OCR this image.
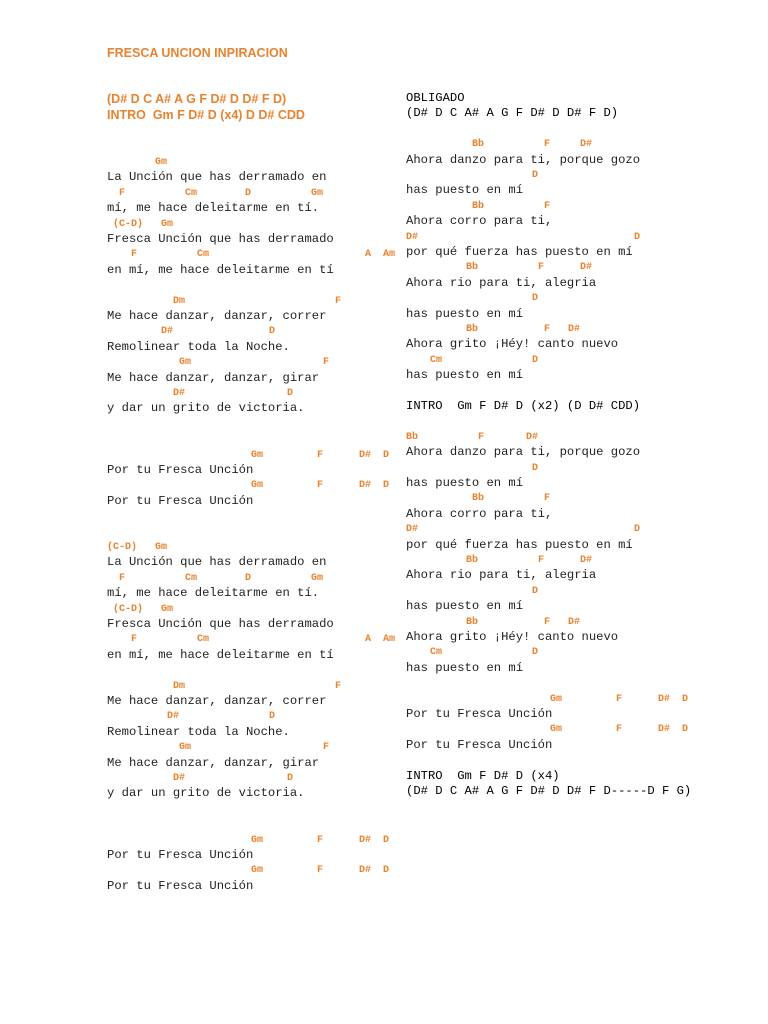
FRESCA UNCION INPIRACION
(D# D C A# A G F D# D D# F D)
INTRO  Gm F D# D (x4) D D# CDD
Gm
La Unción que has derramado en
F          Cm        D          Gm
mí, me hace deleitarme en tí.
(C-D)   Gm
Fresca Unción que has derramado
F          Cm                          A  Am
en mí, me hace deleitarme en tí
Dm                         F
Me hace danzar, danzar, correr
D#                D
Remolinear toda la Noche.
Gm                      F
Me hace danzar, danzar, girar
D#                 D
y dar un grito de victoria.
Gm         F      D#  D
Por tu Fresca Unción
Gm         F      D#  D
Por tu Fresca Unción
(C-D)   Gm
La Unción que has derramado en
F          Cm        D          Gm
mí, me hace deleitarme en tí.
(C-D)   Gm
Fresca Unción que has derramado
F          Cm                          A  Am
en mí, me hace deleitarme en tí
Dm                         F
Me hace danzar, danzar, correr
D#               D
Remolinear toda la Noche.
Gm                      F
Me hace danzar, danzar, girar
D#                 D
y dar un grito de victoria.
Gm         F      D#  D
Por tu Fresca Unción
Gm         F      D#  D
Por tu Fresca Unción
OBLIGADO
(D# D C A# A G F D# D D# F D)
Bb          F     D#
Ahora danzo para ti, porque gozo
D
has puesto en mí
Bb          F
Ahora corro para ti,
D#                                    D
por qué fuerza has puesto en mí
Bb          F      D#
Ahora rio para ti, alegria
D
has puesto en mí
Bb           F   D#
Ahora grito ¡Héy! canto nuevo
Cm               D
has puesto en mí
INTRO  Gm F D# D (x2) (D D# CDD)
Bb          F       D#
Ahora danzo para ti, porque gozo
D
has puesto en mí
Bb          F
Ahora corro para ti,
D#                                    D
por qué fuerza has puesto en mí
Bb          F      D#
Ahora rio para ti, alegria
D
has puesto en mí
Bb           F   D#
Ahora grito ¡Héy! canto nuevo
Cm               D
has puesto en mí
Gm         F      D#  D
Por tu Fresca Unción
Gm         F      D#  D
Por tu Fresca Unción
INTRO  Gm F D# D (x4)
(D# D C A# A G F D# D D# F D-----D F G)
